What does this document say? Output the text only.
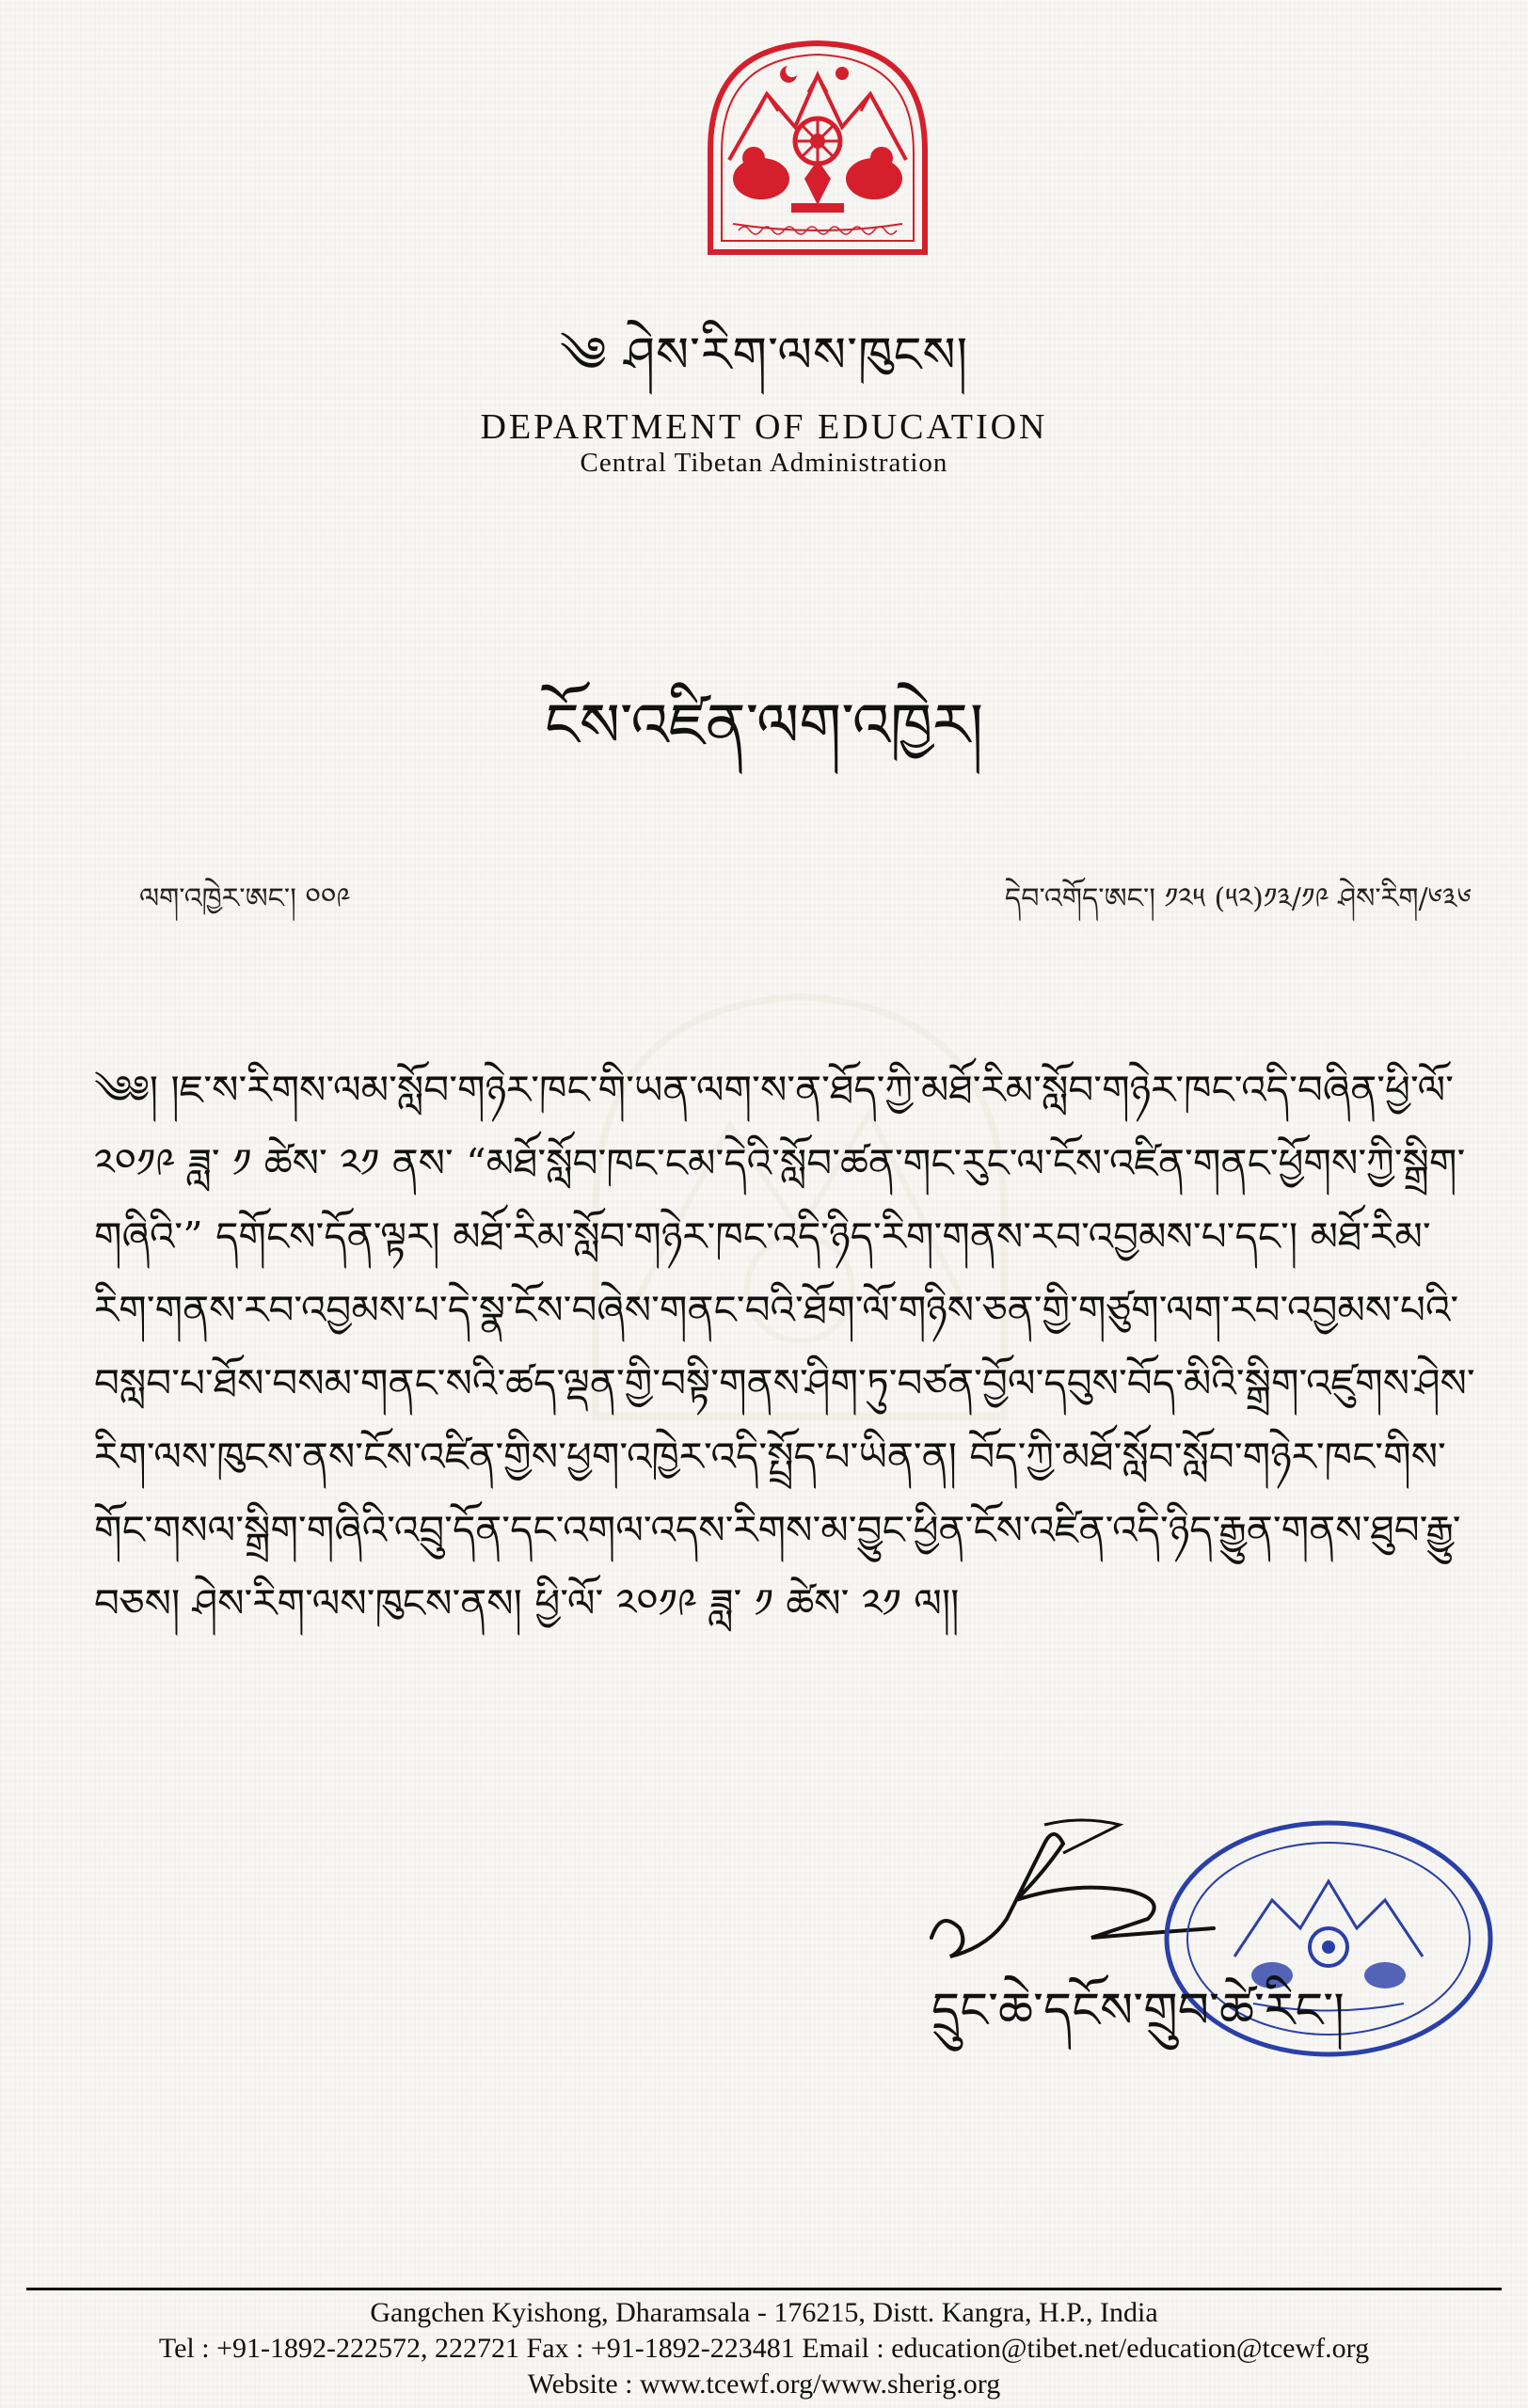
༄ ཤེས་རིག་ལས་ཁུངས།
DEPARTMENT OF EDUCATION
Central Tibetan Administration
ངོས་འཛིན་ལག་འཁྱེར།
ལག་འཁྱེར་ཨང་། ༠༠༩	དེབ་འགོད་ཨང་། ༡༢༥ (༥༢)༡༣/༡༩ ཤེས་རིག/༦༣༦
༄༅། །ཇ་ས་རིགས་ལམ་སློབ་གཉེར་ཁང་གི་ཡན་ལག་ས་ན་ཐོད་ཀྱི་མཐོ་རིམ་སློབ་གཉེར་ཁང་འདི་བཞིན་ཕྱི་ལོ་
༢༠༡༩ ཟླ་ ༡ ཚེས་ ༢༡ ནས་ “མཐོ་སློབ་ཁང་ངམ་དེའི་སློབ་ཚན་གང་རུང་ལ་ངོས་འཛིན་གནང་ཕྱོགས་ཀྱི་སྒྲིག་
གཞིའི་” དགོངས་དོན་ལྟར། མཐོ་རིམ་སློབ་གཉེར་ཁང་འདི་ཉིད་རིག་གནས་རབ་འབྱམས་པ་དང་། མཐོ་རིམ་
རིག་གནས་རབ་འབྱམས་པ་དེ་སྣ་ངོས་བཞེས་གནང་བའི་ཐོག་ལོ་གཉིས་ཅན་གྱི་གཙུག་ལག་རབ་འབྱམས་པའི་
བསླབ་པ་ཐོས་བསམ་གནང་སའི་ཚད་ལྡན་གྱི་བསྟི་གནས་ཤིག་ཏུ་བཙན་བྱོལ་དབུས་བོད་མིའི་སྒྲིག་འཛུགས་ཤེས་
རིག་ལས་ཁུངས་ནས་ངོས་འཛིན་གྱིས་ཕྱག་འཁྱེར་འདི་སྤྲོད་པ་ཡིན་ན། བོད་ཀྱི་མཐོ་སློབ་སློབ་གཉེར་ཁང་གིས་
གོང་གསལ་སྒྲིག་གཞིའི་འབྲུ་དོན་དང་འགལ་འདས་རིགས་མ་བྱུང་ཕྱིན་ངོས་འཛིན་འདི་ཉིད་རྒྱུན་གནས་ཐུབ་རྒྱུ་
བཅས། ཤེས་རིག་ལས་ཁུངས་ནས། ཕྱི་ལོ་ ༢༠༡༩ ཟླ་ ༡ ཚེས་ ༢༡ ལ།།
དྲུང་ཆེ་དངོས་གྲུབ་ཚེ་རིང་།
Gangchen Kyishong, Dharamsala - 176215, Distt. Kangra, H.P., India
Tel : +91-1892-222572, 222721 Fax : +91-1892-223481 Email : education@tibet.net/education@tcewf.org
Website : www.tcewf.org/www.sherig.org
